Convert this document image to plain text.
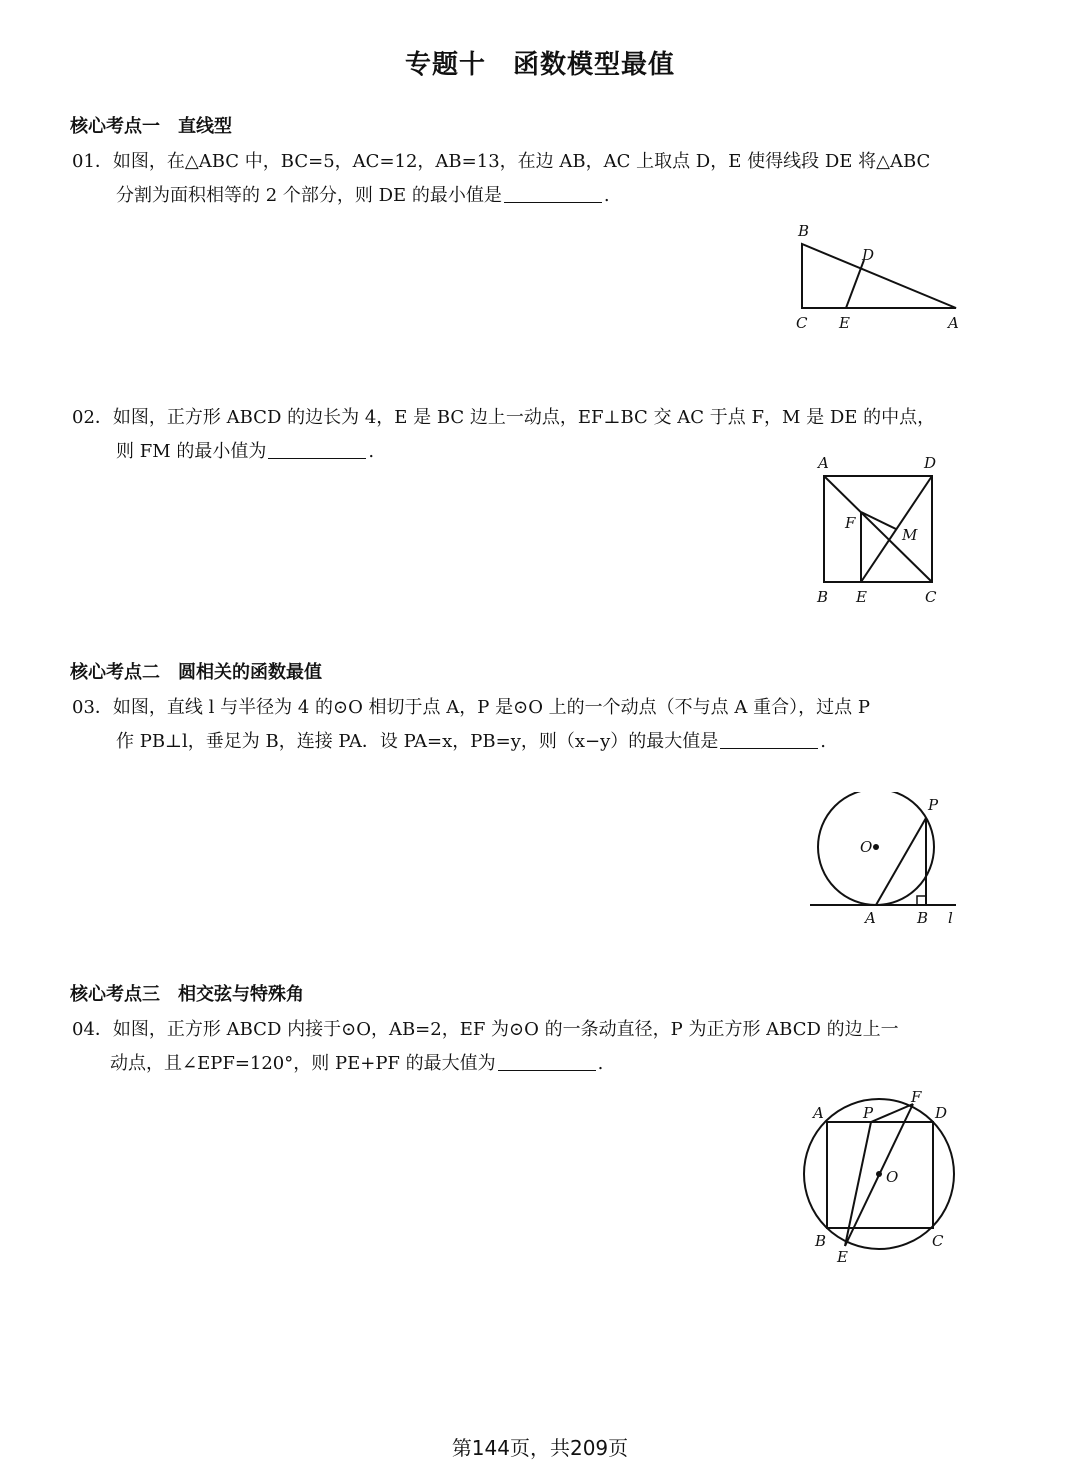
专题十　函数模型最值
核心考点一　直线型
01．如图，在△ABC 中，BC=5，AC=12，AB=13，在边 AB，AC 上取点 D，E 使得线段 DE 将△ABC
分割为面积相等的 2 个部分，则 DE 的最小值是	.
B
D
C E	A
02．如图，正方形 ABCD 的边长为 4，E 是 BC 边上一动点，EF⊥BC 交 AC 于点 F，M 是 DE 的中点，
则 FM 的最小值为	.
A	D
F
M
B E	C
核心考点二　圆相关的函数最值
03．如图，直线 l 与半径为 4 的⊙O 相切于点 A，P 是⊙O 上的一个动点（不与点 A 重合），过点 P
作 PB⊥l，垂足为 B，连接 PA．设 PA=x，PB=y，则（x−y）的最大值是	.
P
O
A	B l
核心考点三　相交弦与特殊角
04．如图，正方形 ABCD 内接于⊙O，AB=2，EF 为⊙O 的一条动直径，P 为正方形 ABCD 的边上一
动点，且∠EPF=120°，则 PE+PF 的最大值为	.
A	P
F
D
O
B
E
C
第144页，共209页
